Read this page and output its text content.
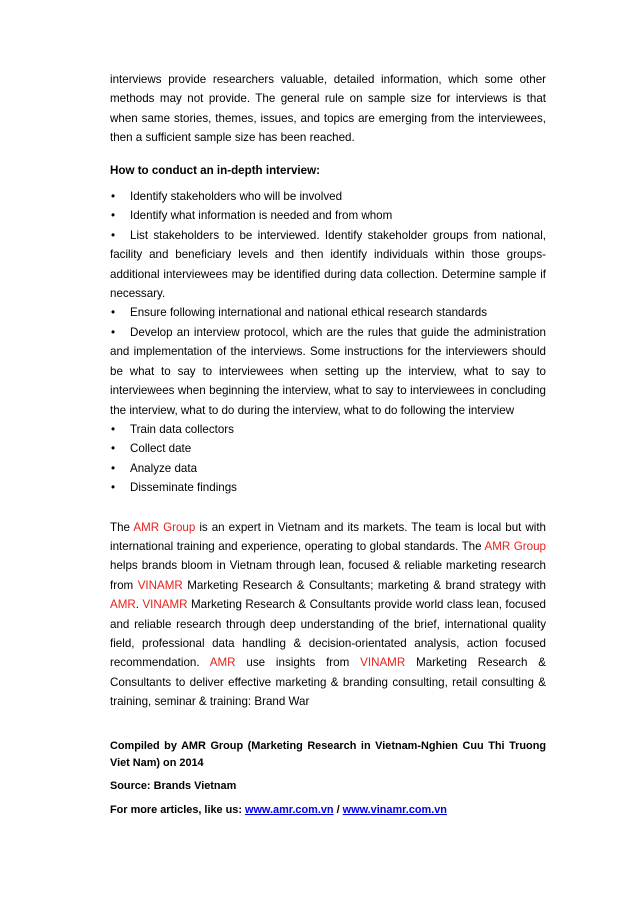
interviews provide researchers valuable, detailed information, which some other methods may not provide. The general rule on sample size for interviews is that when same stories, themes, issues, and topics are emerging from the interviewees, then a sufficient sample size has been reached.

How to conduct an in-depth interview:
• Identify stakeholders who will be involved
• Identify what information is needed and from whom
• List stakeholders to be interviewed. Identify stakeholder groups from national, facility and beneficiary levels and then identify individuals within those groups-additional interviewees may be identified during data collection. Determine sample if necessary.
• Ensure following international and national ethical research standards
• Develop an interview protocol, which are the rules that guide the administration and implementation of the interviews. Some instructions for the interviewers should be what to say to interviewees when setting up the interview, what to say to interviewees when beginning the interview, what to say to interviewees in concluding the interview, what to do during the interview, what to do following the interview
• Train data collectors
• Collect date
• Analyze data
• Disseminate findings

The AMR Group is an expert in Vietnam and its markets. The team is local but with international training and experience, operating to global standards. The AMR Group helps brands bloom in Vietnam through lean, focused & reliable marketing research from VINAMR Marketing Research & Consultants; marketing & brand strategy with AMR. VINAMR Marketing Research & Consultants provide world class lean, focused and reliable research through deep understanding of the brief, international quality field, professional data handling & decision-orientated analysis, action focused recommendation. AMR use insights from VINAMR Marketing Research & Consultants to deliver effective marketing & branding consulting, retail consulting & training, seminar & training: Brand War

Compiled by AMR Group (Marketing Research in Vietnam-Nghien Cuu Thi Truong Viet Nam) on 2014

Source: Brands Vietnam

For more articles, like us: www.amr.com.vn / www.vinamr.com.vn
